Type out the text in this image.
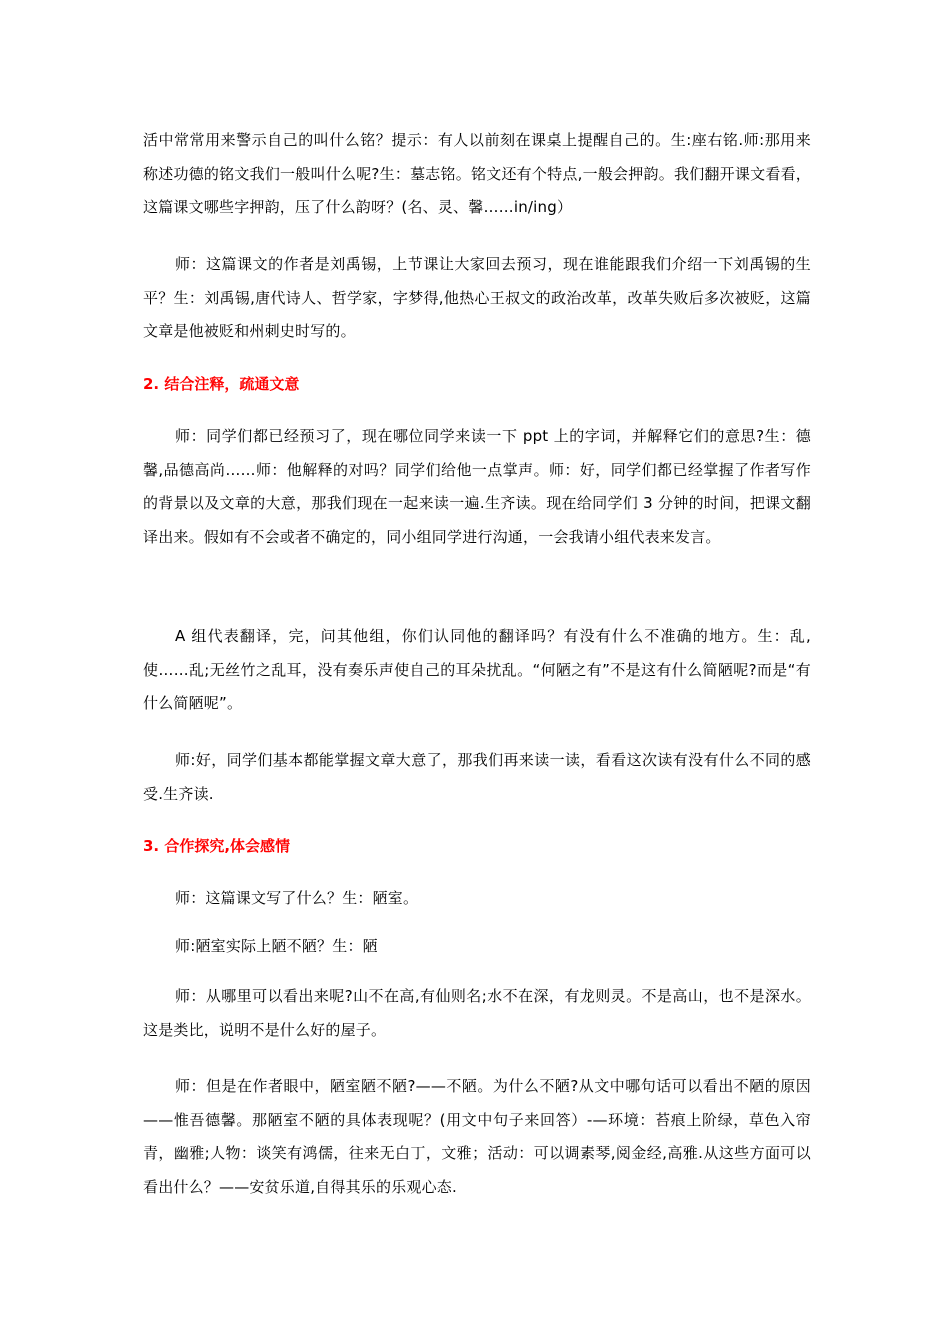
活中常常用来警示自己的叫什么铭？提示：有人以前刻在课桌上提醒自己的。生:座右铭.师:那用来称述功德的铭文我们一般叫什么呢?生：墓志铭。铭文还有个特点,一般会押韵。我们翻开课文看看，这篇课文哪些字押韵，压了什么韵呀？(名、灵、馨……in/ing）

师：这篇课文的作者是刘禹锡，上节课让大家回去预习，现在谁能跟我们介绍一下刘禹锡的生平？生：刘禹锡,唐代诗人、哲学家，字梦得,他热心王叔文的政治改革，改革失败后多次被贬，这篇文章是他被贬和州刺史时写的。

2. 结合注释，疏通文意

师：同学们都已经预习了，现在哪位同学来读一下 ppt 上的字词，并解释它们的意思?生：德馨,品德高尚……师：他解释的对吗？同学们给他一点掌声。师：好，同学们都已经掌握了作者写作的背景以及文章的大意，那我们现在一起来读一遍.生齐读。现在给同学们 3 分钟的时间，把课文翻译出来。假如有不会或者不确定的，同小组同学进行沟通，一会我请小组代表来发言。

A 组代表翻译，完，问其他组，你们认同他的翻译吗？有没有什么不准确的地方。生：乱,使……乱;无丝竹之乱耳，没有奏乐声使自己的耳朵扰乱。“何陋之有”不是这有什么简陋呢?而是“有什么简陋呢”。

师:好，同学们基本都能掌握文章大意了，那我们再来读一读，看看这次读有没有什么不同的感受.生齐读.

3. 合作探究,体会感情

师：这篇课文写了什么？生：陋室。

师:陋室实际上陋不陋？生：陋

师：从哪里可以看出来呢?山不在高,有仙则名;水不在深，有龙则灵。不是高山，也不是深水。这是类比，说明不是什么好的屋子。

师：但是在作者眼中，陋室陋不陋?——不陋。为什么不陋?从文中哪句话可以看出不陋的原因——惟吾德馨。那陋室不陋的具体表现呢？(用文中句子来回答）-—环境：苔痕上阶绿，草色入帘青，幽雅;人物：谈笑有鸿儒，往来无白丁，文雅；活动：可以调素琴,阅金经,高雅.从这些方面可以看出什么？——安贫乐道,自得其乐的乐观心态.
